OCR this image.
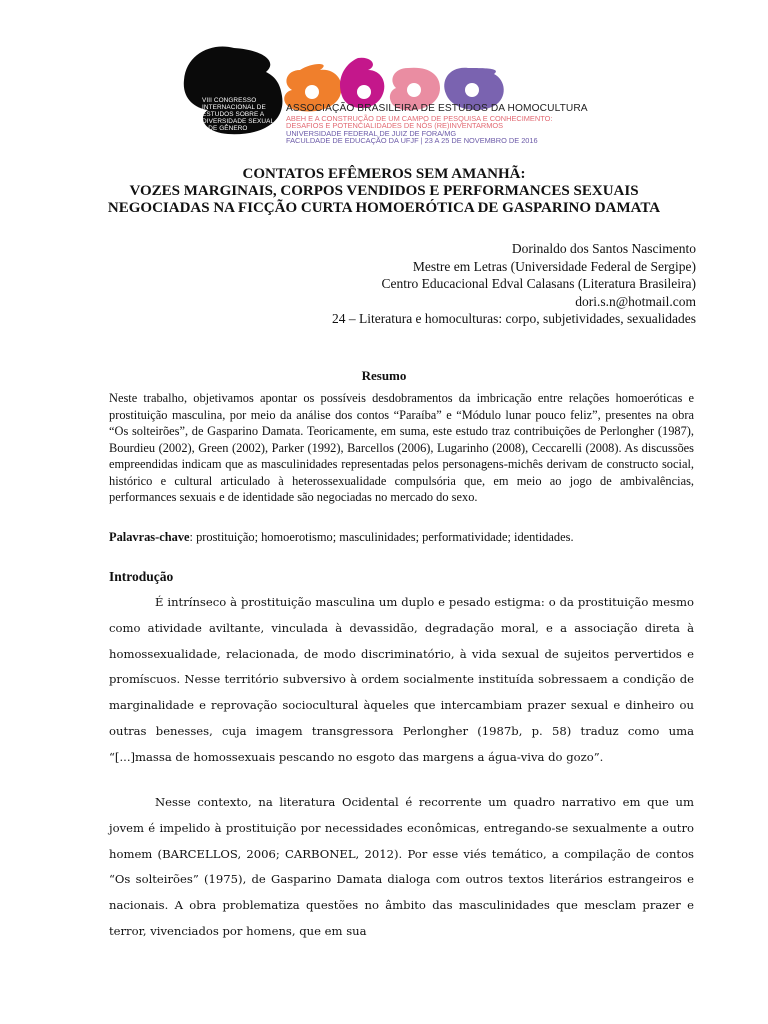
VIII CONGRESSO INTERNACIONAL DE ESTUDOS SOBRE A DIVERSIDADE SEXUAL E DE GÊNERO
ASSOCIAÇÃO BRASILEIRA DE ESTUDOS DA HOMOCULTURA
ABEH E A CONSTRUÇÃO DE UM CAMPO DE PESQUISA E CONHECIMENTO:
DESAFIOS E POTENCIALIDADES DE NÓS (RE)INVENTARMOS
UNIVERSIDADE FEDERAL DE JUIZ DE FORA/MG
FACULDADE DE EDUCAÇÃO DA UFJF | 23 A 25 DE NOVEMBRO DE 2016
CONTATOS EFÊMEROS SEM AMANHÃ:
VOZES MARGINAIS, CORPOS VENDIDOS E PERFORMANCES SEXUAIS
NEGOCIADAS NA FICÇÃO CURTA HOMOERÓTICA DE GASPARINO DAMATA
Dorinaldo dos Santos Nascimento
Mestre em Letras (Universidade Federal de Sergipe)
Centro Educacional Edval Calasans (Literatura Brasileira)
dori.s.n@hotmail.com
24 – Literatura e homoculturas: corpo, subjetividades, sexualidades
Resumo
Neste trabalho, objetivamos apontar os possíveis desdobramentos da imbricação entre relações homoeróticas e prostituição masculina, por meio da análise dos contos “Paraíba” e “Módulo lunar pouco feliz”, presentes na obra “Os solteirões”, de Gasparino Damata. Teoricamente, em suma, este estudo traz contribuições de Perlongher (1987), Bourdieu (2002), Green (2002), Parker (1992), Barcellos (2006), Lugarinho (2008), Ceccarelli (2008). As discussões empreendidas indicam que as masculinidades representadas pelos personagens-michês derivam de constructo social, histórico e cultural articulado à heterossexualidade compulsória que, em meio ao jogo de ambivalências, performances sexuais e de identidade são negociadas no mercado do sexo.
Palavras-chave: prostituição; homoerotismo; masculinidades; performatividade; identidades.
Introdução
É intrínseco à prostituição masculina um duplo e pesado estigma: o da prostituição mesmo como atividade aviltante, vinculada à devassidão, degradação moral, e a associação direta à homossexualidade, relacionada, de modo discriminatório, à vida sexual de sujeitos pervertidos e promíscuos. Nesse território subversivo à ordem socialmente instituída sobressaem a condição de marginalidade e reprovação sociocultural àqueles que intercambiam prazer sexual e dinheiro ou outras benesses, cuja imagem transgressora Perlongher (1987b, p. 58) traduz como uma “[...]massa de homossexuais pescando no esgoto das margens a água-viva do gozo”.
Nesse contexto, na literatura Ocidental é recorrente um quadro narrativo em que um jovem é impelido à prostituição por necessidades econômicas, entregando-se sexualmente a outro homem (BARCELLOS, 2006; CARBONEL, 2012). Por esse viés temático, a compilação de contos “Os solteirões” (1975), de Gasparino Damata dialoga com outros textos literários estrangeiros e nacionais. A obra problematiza questões no âmbito das masculinidades que mesclam prazer e terror, vivenciados por homens, que em sua
